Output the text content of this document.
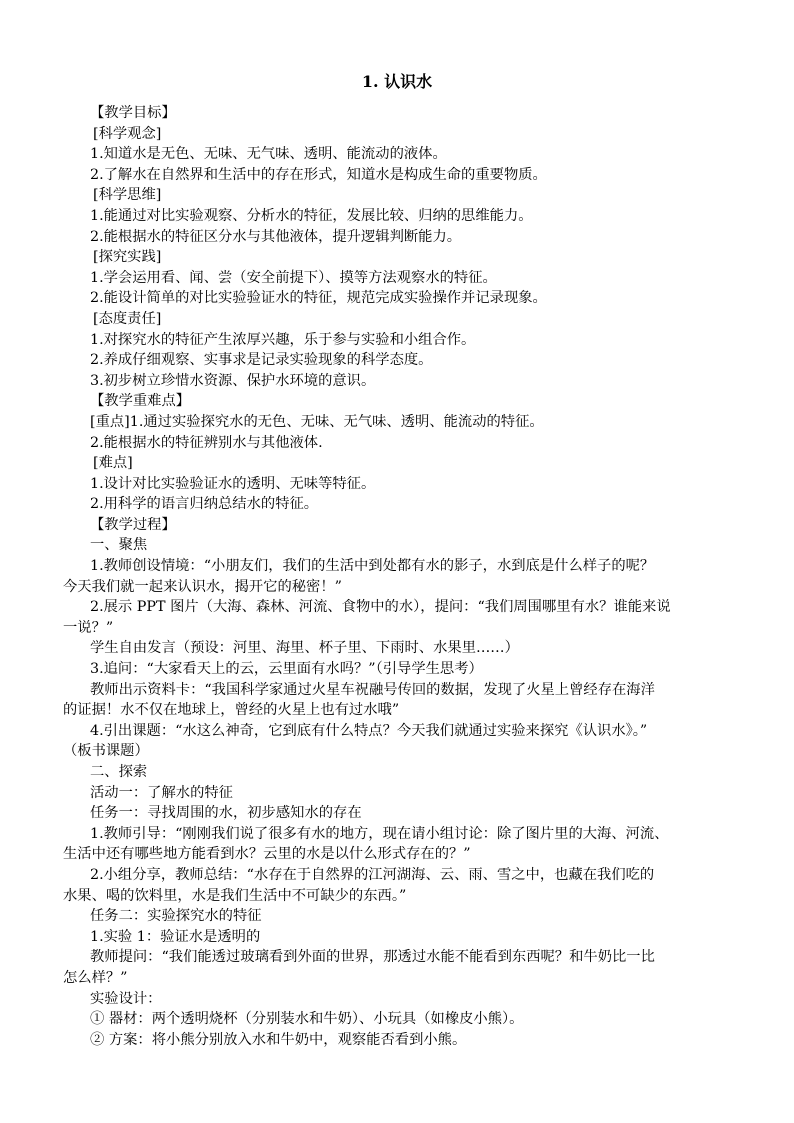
1. 认识水
【教学目标】
[科学观念]
1.知道水是无色、无味、无气味、透明、能流动的液体。
2.了解水在自然界和生活中的存在形式，知道水是构成生命的重要物质。
[科学思维]
1.能通过对比实验观察、分析水的特征，发展比较、归纳的思维能力。
2.能根据水的特征区分水与其他液体，提升逻辑判断能力。
[探究实践]
1.学会运用看、闻、尝（安全前提下）、摸等方法观察水的特征。
2.能设计简单的对比实验验证水的特征，规范完成实验操作并记录现象。
[态度责任]
1.对探究水的特征产生浓厚兴趣，乐于参与实验和小组合作。
2.养成仔细观察、实事求是记录实验现象的科学态度。
3.初步树立珍惜水资源、保护水环境的意识。
【教学重难点】
[重点]1.通过实验探究水的无色、无味、无气味、透明、能流动的特征。
2.能根据水的特征辨别水与其他液体.
[难点]
1.设计对比实验验证水的透明、无味等特征。
2.用科学的语言归纳总结水的特征。
【教学过程】
一、聚焦
1.教师创设情境：“小朋友们，我们的生活中到处都有水的影子，水到底是什么样子的呢？
今天我们就一起来认识水，揭开它的秘密！”
2.展示 PPT 图片（大海、森林、河流、食物中的水），提问：“我们周围哪里有水？谁能来说
一说？”
学生自由发言（预设：河里、海里、杯子里、下雨时、水果里……）
3.追问：“大家看天上的云，云里面有水吗？”（引导学生思考）
教师出示资料卡：“我国科学家通过火星车祝融号传回的数据，发现了火星上曾经存在海洋
的证据！水不仅在地球上，曾经的火星上也有过水哦”
4.引出课题：“水这么神奇，它到底有什么特点？今天我们就通过实验来探究《认识水》。”
（板书课题）
二、探索
活动一：了解水的特征
任务一：寻找周围的水，初步感知水的存在
1.教师引导：“刚刚我们说了很多有水的地方，现在请小组讨论：除了图片里的大海、河流、
生活中还有哪些地方能看到水？云里的水是以什么形式存在的？”
2.小组分享，教师总结：“水存在于自然界的江河湖海、云、雨、雪之中，也藏在我们吃的
水果、喝的饮料里，水是我们生活中不可缺少的东西。”
任务二：实验探究水的特征
1.实验 1：验证水是透明的
教师提问：“我们能透过玻璃看到外面的世界，那透过水能不能看到东西呢？和牛奶比一比
怎么样？”
实验设计：
① 器材：两个透明烧杯（分别装水和牛奶）、小玩具（如橡皮小熊）。
② 方案：将小熊分别放入水和牛奶中，观察能否看到小熊。
